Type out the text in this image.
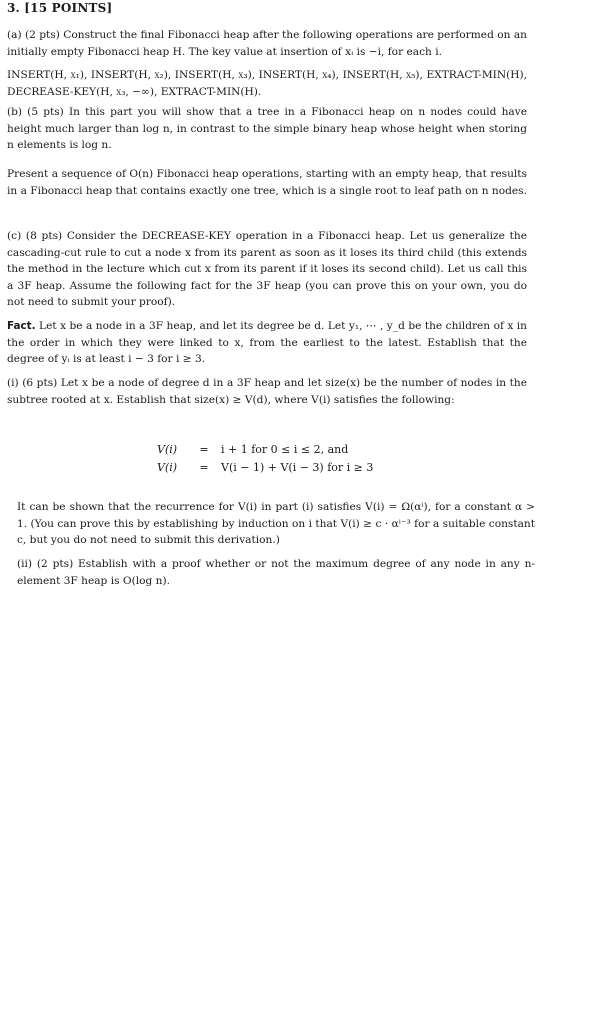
3. [15 POINTS]

(a) (2 pts) Construct the final Fibonacci heap after the following operations are performed on an initially empty Fibonacci heap H. The key value at insertion of xᵢ is −i, for each i.

INSERT(H, x₁), INSERT(H, x₂), INSERT(H, x₃), INSERT(H, x₄), INSERT(H, x₅), EXTRACT-MIN(H), DECREASE-KEY(H, x₃, −∞), EXTRACT-MIN(H).

(b) (5 pts) In this part you will show that a tree in a Fibonacci heap on n nodes could have height much larger than log n, in contrast to the simple binary heap whose height when storing n elements is log n.

Present a sequence of O(n) Fibonacci heap operations, starting with an empty heap, that results in a Fibonacci heap that contains exactly one tree, which is a single root to leaf path on n nodes.

(c) (8 pts) Consider the DECREASE-KEY operation in a Fibonacci heap. Let us generalize the cascading-cut rule to cut a node x from its parent as soon as it loses its third child (this extends the method in the lecture which cut x from its parent if it loses its second child). Let us call this a 3F heap. Assume the following fact for the 3F heap (you can prove this on your own, you do not need to submit your proof).

Fact. Let x be a node in a 3F heap, and let its degree be d. Let y₁, ⋯ , y_d be the children of x in the order in which they were linked to x, from the earliest to the latest. Establish that the degree of yᵢ is at least i − 3 for i ≥ 3.

(i) (6 pts) Let x be a node of degree d in a 3F heap and let size(x) be the number of nodes in the subtree rooted at x. Establish that size(x) ≥ V(d), where V(i) satisfies the following:

V(i) = i + 1 for 0 ≤ i ≤ 2, and
V(i) = V(i − 1) + V(i − 3) for i ≥ 3

It can be shown that the recurrence for V(i) in part (i) satisfies V(i) = Ω(αⁱ), for a constant α > 1. (You can prove this by establishing by induction on i that V(i) ≥ c · αⁱ⁻³ for a suitable constant c, but you do not need to submit this derivation.)

(ii) (2 pts) Establish with a proof whether or not the maximum degree of any node in any n-element 3F heap is O(log n).
